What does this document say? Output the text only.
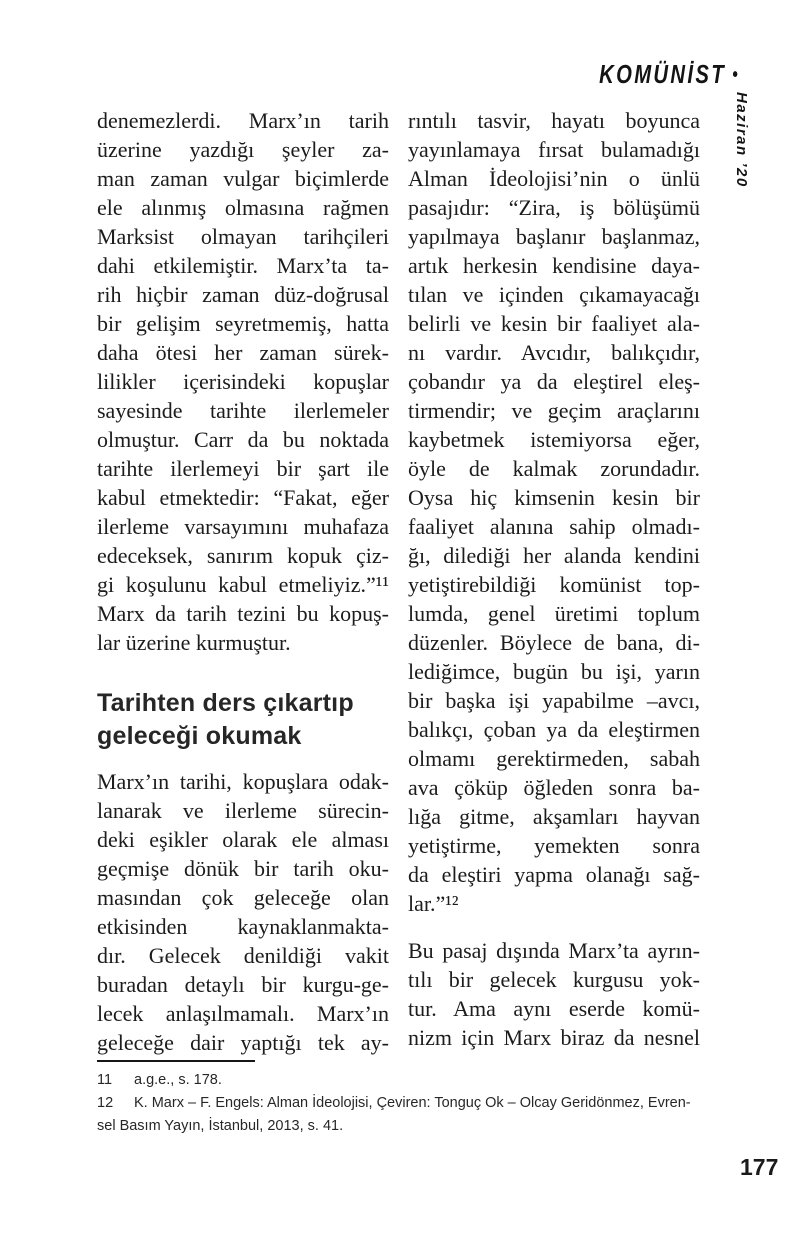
KOMÜNİST •
Haziran ’20
denemezlerdi. Marx’ın tarih
üzerine yazdığı şeyler za-
man zaman vulgar biçimlerde
ele alınmış olmasına rağmen
Marksist olmayan tarihçileri
dahi etkilemiştir. Marx’ta ta-
rih hiçbir zaman düz-doğrusal
bir gelişim seyretmemiş, hatta
daha ötesi her zaman sürek-
lilikler içerisindeki kopuşlar
sayesinde tarihte ilerlemeler
olmuştur. Carr da bu noktada
tarihte ilerlemeyi bir şart ile
kabul etmektedir: “Fakat, eğer
ilerleme varsayımını muhafaza
edeceksek, sanırım kopuk çiz-
gi koşulunu kabul etmeliyiz.”¹¹
Marx da tarih tezini bu kopuş-
lar üzerine kurmuştur.
Tarihten ders çıkartıp
geleceği okumak
Marx’ın tarihi, kopuşlara odak-
lanarak ve ilerleme sürecin-
deki eşikler olarak ele alması
geçmişe dönük bir tarih oku-
masından çok geleceğe olan
etkisinden kaynaklanmakta-
dır. Gelecek denildiği vakit
buradan detaylı bir kurgu-ge-
lecek anlaşılmamalı. Marx’ın
geleceğe dair yaptığı tek ay-
rıntılı tasvir, hayatı boyunca
yayınlamaya fırsat bulamadığı
Alman İdeolojisi’nin o ünlü
pasajıdır: “Zira, iş bölüşümü
yapılmaya başlanır başlanmaz,
artık herkesin kendisine daya-
tılan ve içinden çıkamayacağı
belirli ve kesin bir faaliyet ala-
nı vardır. Avcıdır, balıkçıdır,
çobandır ya da eleştirel eleş-
tirmendir; ve geçim araçlarını
kaybetmek istemiyorsa eğer,
öyle de kalmak zorundadır.
Oysa hiç kimsenin kesin bir
faaliyet alanına sahip olmadı-
ğı, dilediği her alanda kendini
yetiştirebildiği komünist top-
lumda, genel üretimi toplum
düzenler. Böylece de bana, di-
lediğimce, bugün bu işi, yarın
bir başka işi yapabilme –avcı,
balıkçı, çoban ya da eleştirmen
olmamı gerektirmeden, sabah
ava çöküp öğleden sonra ba-
lığa gitme, akşamları hayvan
yetiştirme, yemekten sonra
da eleştiri yapma olanağı sağ-
lar.”¹²
Bu pasaj dışında Marx’ta ayrın-
tılı bir gelecek kurgusu yok-
tur. Ama aynı eserde komü-
nizm için Marx biraz da nesnel
11 a.g.e., s. 178.
12 K. Marx – F. Engels: Alman İdeolojisi, Çeviren: Tonguç Ok – Olcay Geridönmez, Evren-
sel Basım Yayın, İstanbul, 2013, s. 41.
177
